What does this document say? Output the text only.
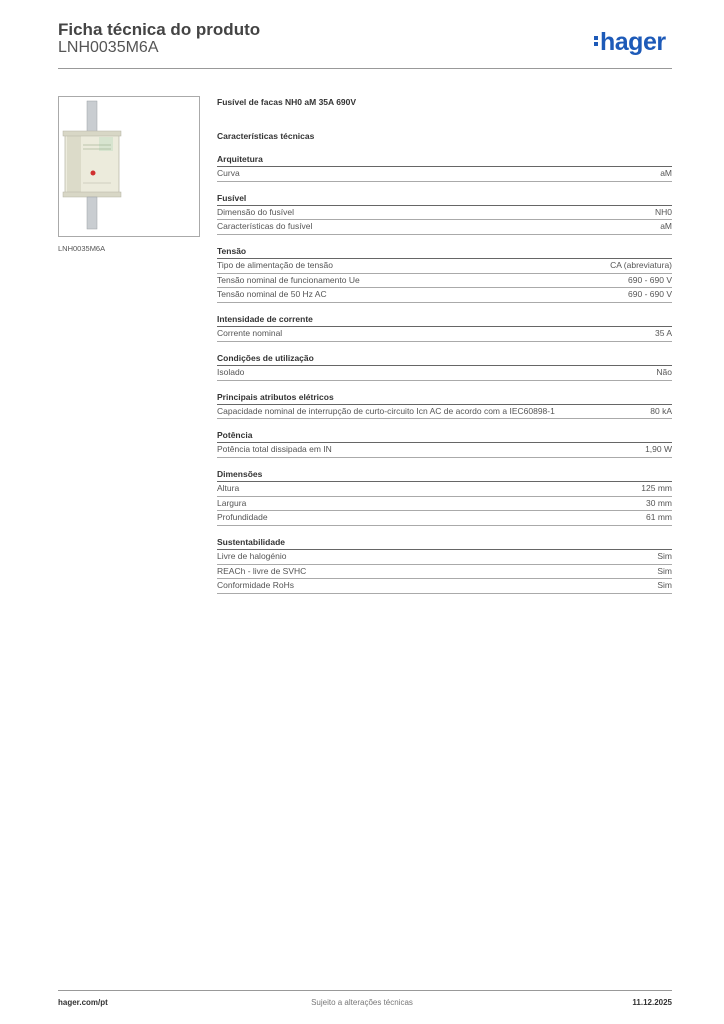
Ficha técnica do produto
LNH0035M6A	hager
LNH0035M6A
Fusível de facas NH0 aM 35A 690V
Características técnicas
Arquitetura
Curva	aM
Fusível
Dimensão do fusível	NH0
Características do fusível	aM
Tensão
Tipo de alimentação de tensão	CA (abreviatura)
Tensão nominal de funcionamento Ue	690 - 690 V
Tensão nominal de 50 Hz AC	690 - 690 V
Intensidade de corrente
Corrente nominal	35 A
Condições de utilização
Isolado	Não
Principais atributos elétricos
Capacidade nominal de interrupção de curto-circuito Icn AC de acordo com a IEC60898-1	80 kA
Potência
Potência total dissipada em IN	1,90 W
Dimensões
Altura	125 mm
Largura	30 mm
Profundidade	61 mm
Sustentabilidade
Livre de halogénio	Sim
REACh - livre de SVHC	Sim
Conformidade RoHs	Sim
hager.com/pt	Sujeito a alterações técnicas	11.12.2025
